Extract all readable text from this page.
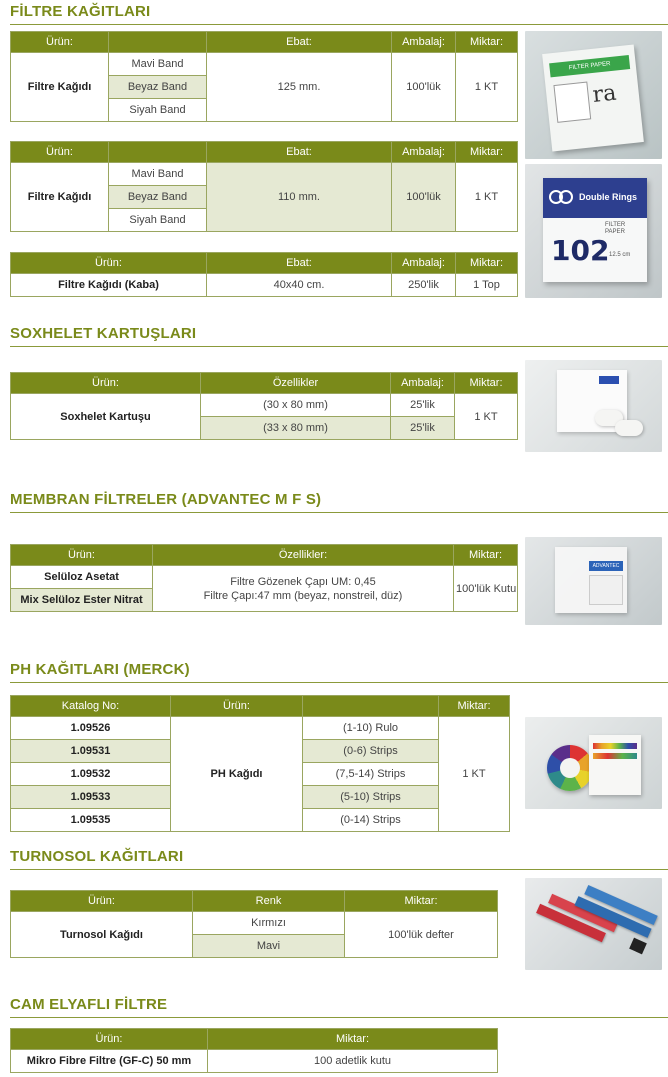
FİLTRE KAĞITLARI
Ürün:		Ebat:	Ambalaj:	Miktar:
Filtre Kağıdı	Mavi Band	125 mm.	100'lük	1 KT
	Beyaz Band			
	Siyah Band			
Ürün:		Ebat:	Ambalaj:	Miktar:
Filtre Kağıdı	Mavi Band	110 mm.	100'lük	1 KT
	Beyaz Band			
	Siyah Band			
Ürün:	Ebat:	Ambalaj:	Miktar:
Filtre Kağıdı (Kaba)	40x40 cm.	250'lik	1 Top
FILTER PAPER
ra
Double Rings
FILTER
PAPER
102 12.5 cm
SOXHELET KARTUŞLARI
Ürün:	Özellikler	Ambalaj:	Miktar:
Soxhelet Kartuşu	(30 x 80 mm)	25'lik	1 KT
	(33 x 80 mm)	25'lik	
MEMBRAN FİLTRELER (ADVANTEC M F S)
Ürün:	Özellikler:	Miktar:
Selüloz Asetat	Filtre Gözenek Çapı UM: 0,45
Filtre Çapı:47 mm (beyaz, nonstreil, düz)	100'lük Kutu
Mix Selüloz Ester Nitrat		
ADVANTEC
PH KAĞITLARI (MERCK)
Katalog No:	Ürün:		Miktar:
1.09526	PH Kağıdı	(1-10) Rulo	1 KT
1.09531		(0-6) Strips	
1.09532		(7,5-14) Strips	
1.09533		(5-10) Strips	
1.09535		(0-14) Strips	
TURNOSOL KAĞITLARI
Ürün:	Renk	Miktar:
Turnosol Kağıdı	Kırmızı	100'lük defter
	Mavi	
CAM ELYAFLI FİLTRE
Ürün:	Miktar:
Mikro Fibre Filtre (GF-C) 50 mm	100 adetlik kutu
